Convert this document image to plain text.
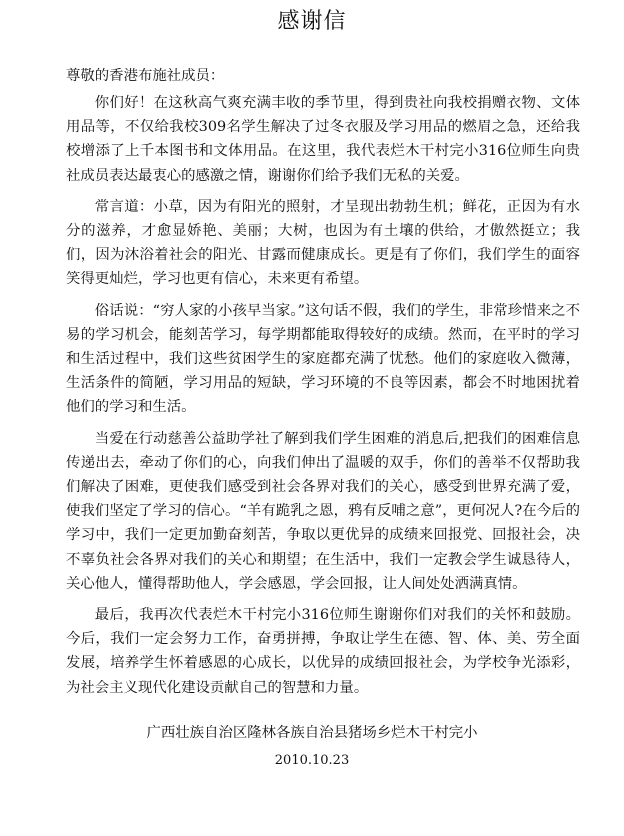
感谢信
尊敬的香港布施社成员：

你们好！在这秋高气爽充满丰收的季节里，得到贵社向我校捐赠衣物、文体用品等，不仅给我校309名学生解决了过冬衣服及学习用品的燃眉之急，还给我校增添了上千本图书和文体用品。在这里，我代表烂木干村完小316位师生向贵社成员表达最衷心的感激之情，谢谢你们给予我们无私的关爱。

常言道：小草，因为有阳光的照射，才呈现出勃勃生机；鲜花，正因为有水分的滋养，才愈显娇艳、美丽；大树，也因为有土壤的供给，才傲然挺立；我们，因为沐浴着社会的阳光、甘露而健康成长。更是有了你们，我们学生的面容笑得更灿烂，学习也更有信心，未来更有希望。

俗话说：“穷人家的小孩早当家。”这句话不假，我们的学生，非常珍惜来之不易的学习机会，能刻苦学习，每学期都能取得较好的成绩。然而，在平时的学习和生活过程中，我们这些贫困学生的家庭都充满了忧愁。他们的家庭收入微薄，生活条件的简陋，学习用品的短缺，学习环境的不良等因素，都会不时地困扰着他们的学习和生活。

当爱在行动慈善公益助学社了解到我们学生困难的消息后,把我们的困难信息传递出去，牵动了你们的心，向我们伸出了温暖的双手，你们的善举不仅帮助我们解决了困难，更使我们感受到社会各界对我们的关心，感受到世界充满了爱，使我们坚定了学习的信心。“羊有跪乳之恩，鸦有反哺之意”，更何况人?在今后的学习中，我们一定更加勤奋刻苦，争取以更优异的成绩来回报党、回报社会，决不辜负社会各界对我们的关心和期望；在生活中，我们一定教会学生诚恳待人，关心他人，懂得帮助他人，学会感恩，学会回报，让人间处处洒满真情。

最后，我再次代表烂木干村完小316位师生谢谢你们对我们的关怀和鼓励。今后，我们一定会努力工作，奋勇拼搏，争取让学生在德、智、体、美、劳全面发展，培养学生怀着感恩的心成长，以优异的成绩回报社会，为学校争光添彩，为社会主义现代化建设贡献自己的智慧和力量。

广西壮族自治区隆林各族自治县猪场乡烂木干村完小
2010.10.23
